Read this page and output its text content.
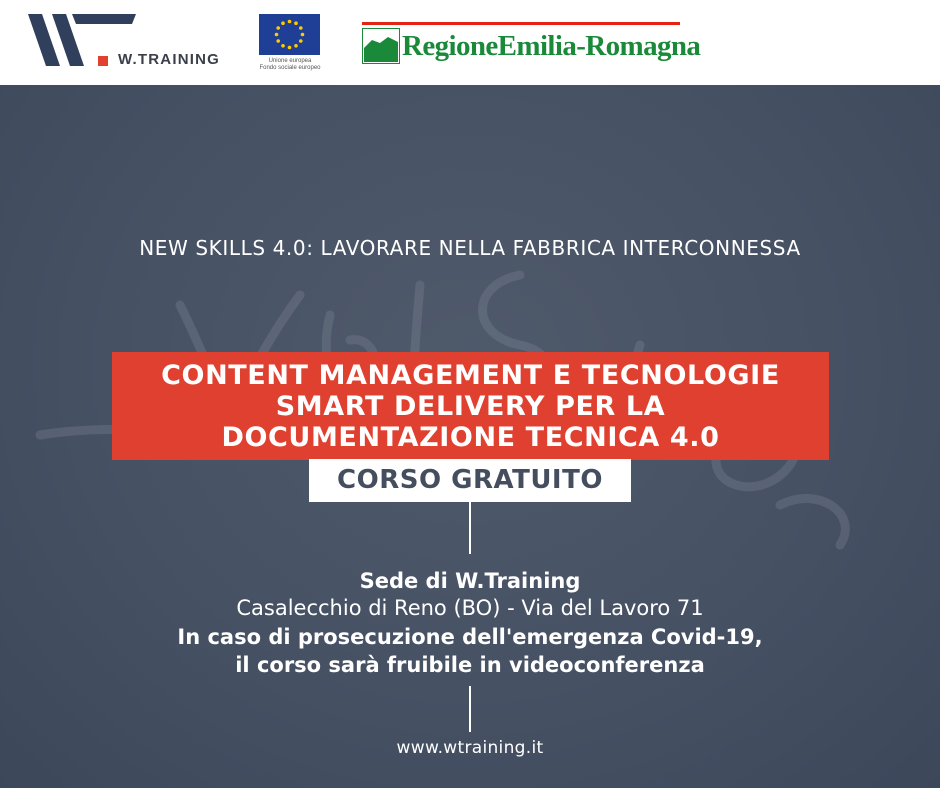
W.TRAINING	Unione europea
Fondo sociale europeo
RegioneEmilia-Romagna
NEW SKILLS 4.0: LAVORARE NELLA FABBRICA INTERCONNESSA
CONTENT MANAGEMENT E TECNOLOGIE
SMART DELIVERY PER LA
DOCUMENTAZIONE TECNICA 4.0
CORSO GRATUITO
Sede di W.Training
Casalecchio di Reno (BO) - Via del Lavoro 71
In caso di prosecuzione dell'emergenza Covid-19,
il corso sarà fruibile in videoconferenza
www.wtraining.it
